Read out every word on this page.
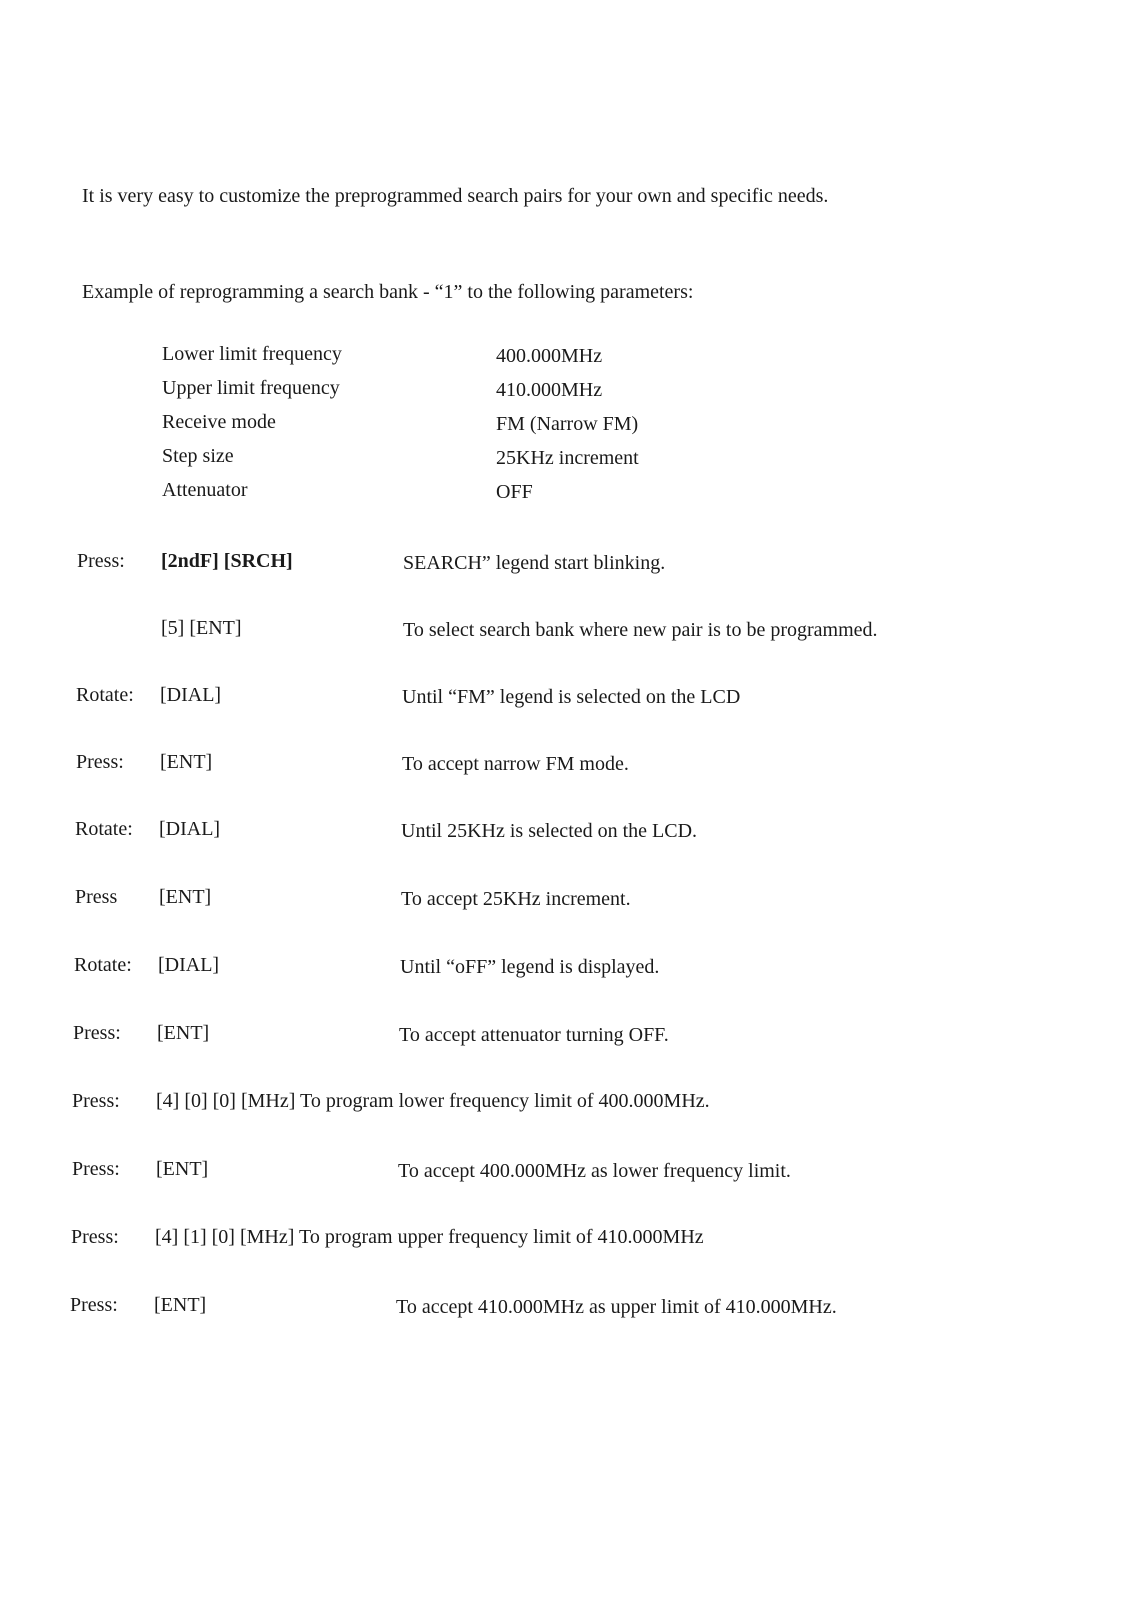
It is very easy to customize the preprogrammed search pairs for your own and specific needs.

Example of reprogramming a search bank - “1” to the following parameters:

Lower limit frequency	400.000MHz
Upper limit frequency	410.000MHz
Receive mode	FM (Narrow FM)
Step size	25KHz increment
Attenuator	OFF
Press: [2ndF] [SRCH]	SEARCH” legend start blinking.
[5] [ENT]	To select search bank where new pair is to be programmed.
Rotate: [DIAL]	Until “FM” legend is selected on the LCD
Press: [ENT]	To accept narrow FM mode.
Rotate: [DIAL]	Until 25KHz is selected on the LCD.
Press [ENT]	To accept 25KHz increment.
Rotate: [DIAL]	Until “oFF” legend is displayed.
Press: [ENT]	To accept attenuator turning OFF.
Press: [4] [0] [0] [MHz] To program lower frequency limit of 400.000MHz.
Press: [ENT]	To accept 400.000MHz as lower frequency limit.
Press: [4] [1] [0] [MHz] To program upper frequency limit of 410.000MHz
Press: [ENT]	To accept 410.000MHz as upper limit of 410.000MHz.
